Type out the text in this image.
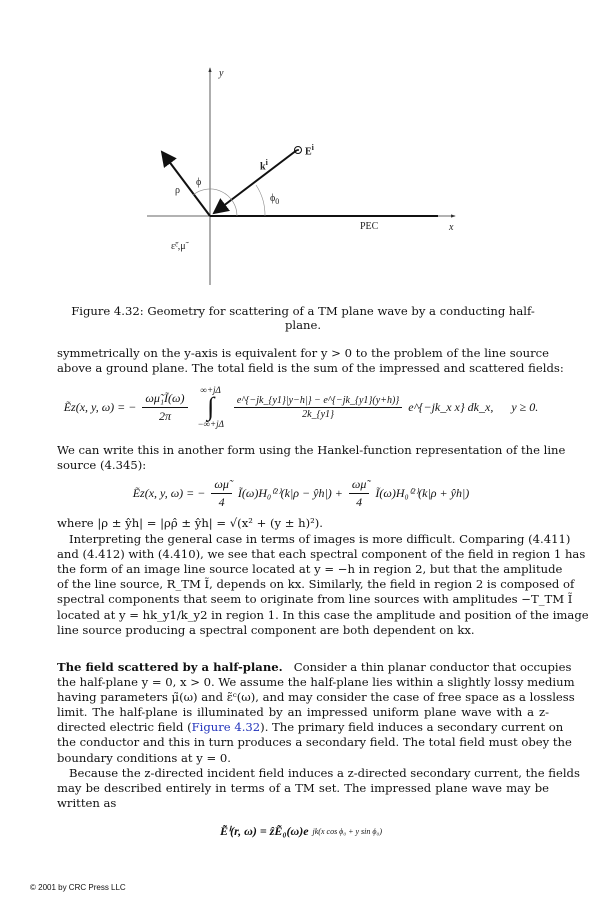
y
x
$E^i$
$k^i$
ϕ
$\phi_0$
ρ
PEC
ε̃ᶜ,μ̃
Figure 4.32: Geometry for scattering of a TM plane wave by a conducting half-plane.
symmetrically on the y-axis is equivalent for y > 0 to the problem of the line source
above a ground plane. The total field is the sum of the impressed and scattered fields:
Ẽz(x, y, ω) = − $\frac{\text{ωμ̃₁Ĩ(ω)}}{2\pi}$
∞+jΔ
∫
−∞+jΔ
$\frac{e\^{}\{-jk\_\{y1\}|y-h|\} - e\^{}\{-jk\_\{y1\}(y+h)\}}{2k\_\{y1\}}$ e^{−jk_x x} dk_x, y ≥ 0.
We can write this in another form using the Hankel-function representation of the line
source (4.345):
Ẽz(x, y, ω) = − $\frac{\omega\mũ}{4}$ Ĩ(ω)H₀⁽²⁾(k|ρ − ŷh|) + $\frac{\omega\mũ}{4}$ Ĩ(ω)H₀⁽²⁾(k|ρ + ŷh|)
where |ρ ± ŷh| = |ρρ̂ ± ŷh| = √(x² + (y ± h)²).
Interpreting the general case in terms of images is more difficult. Comparing (4.411)
and (4.412) with (4.410), we see that each spectral component of the field in region 1 has
the form of an image line source located at y = −h in region 2, but that the amplitude
of the line source, R_TM Ĩ, depends on kx. Similarly, the field in region 2 is composed of
spectral components that seem to originate from line sources with amplitudes −T_TM Ĩ
located at y = hk_y1/k_y2 in region 1. In this case the amplitude and position of the image
line source producing a spectral component are both dependent on kx.
The field scattered by a half-plane. Consider a thin planar conductor that occupies
the half-plane y = 0, x > 0. We assume the half-plane lies within a slightly lossy medium
having parameters μ̃(ω) and ε̃ᶜ(ω), and may consider the case of free space as a lossless
limit. The half-plane is illuminated by an impressed uniform plane wave with a z-
directed electric field (Figure 4.32). The primary field induces a secondary current on
the conductor and this in turn produces a secondary field. The total field must obey the
boundary conditions at y = 0.
Because the z-directed incident field induces a z-directed secondary current, the fields
may be described entirely in terms of a TM set. The impressed plane wave may be
written as
Ẽⁱ(r, ω) = ẑẼ₀(ω)e jk(x cos ϕ₀ + y sin ϕ₀)
© 2001 by CRC Press LLC
